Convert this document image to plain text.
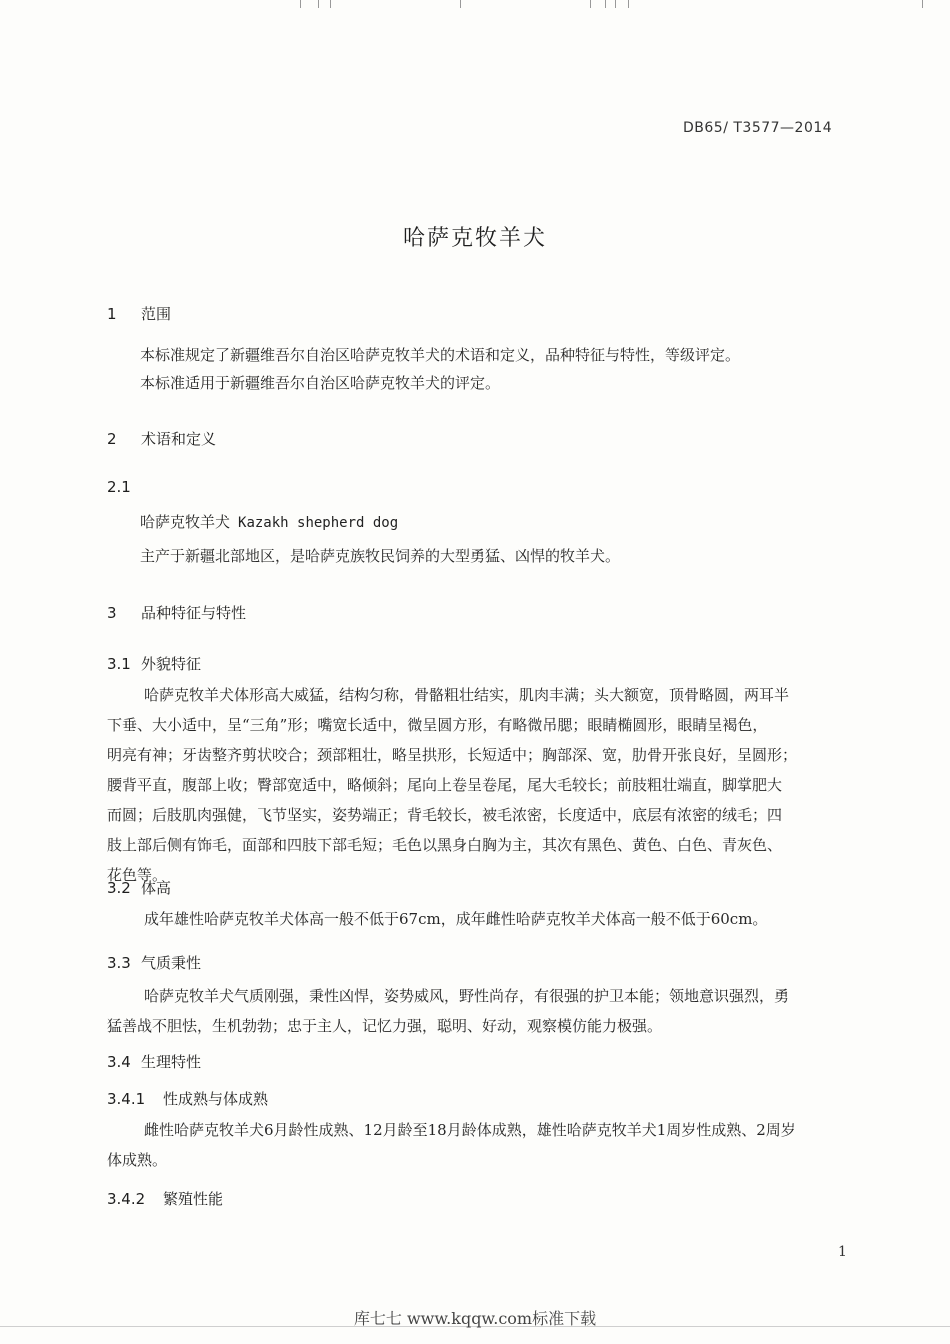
DB65/ T3577—2014

哈萨克牧羊犬
1 范围

本标准规定了新疆维吾尔自治区哈萨克牧羊犬的术语和定义，品种特征与特性，等级评定。

本标准适用于新疆维吾尔自治区哈萨克牧羊犬的评定。

2 术语和定义
2.1
哈萨克牧羊犬 Kazakh shepherd dog

主产于新疆北部地区，是哈萨克族牧民饲养的大型勇猛、凶悍的牧羊犬。

3 品种特征与特性
3.1 外貌特征

哈萨克牧羊犬体形高大威猛，结构匀称，骨骼粗壮结实，肌肉丰满；头大额宽，顶骨略圆，两耳半

下垂、大小适中，呈“三角”形；嘴宽长适中，微呈圆方形，有略微吊腮；眼睛椭圆形，眼睛呈褐色，

明亮有神；牙齿整齐剪状咬合；颈部粗壮，略呈拱形，长短适中；胸部深、宽，肋骨开张良好，呈圆形；

腰背平直，腹部上收；臀部宽适中，略倾斜；尾向上卷呈卷尾，尾大毛较长；前肢粗壮端直，脚掌肥大

而圆；后肢肌肉强健，飞节坚实，姿势端正；背毛较长，被毛浓密，长度适中，底层有浓密的绒毛；四

肢上部后侧有饰毛，面部和四肢下部毛短；毛色以黑身白胸为主，其次有黑色、黄色、白色、青灰色、

花色等。

3.2 体高

成年雄性哈萨克牧羊犬体高一般不低于67cm，成年雌性哈萨克牧羊犬体高一般不低于60cm。

3.3 气质秉性

哈萨克牧羊犬气质刚强，秉性凶悍，姿势威风，野性尚存，有很强的护卫本能；领地意识强烈，勇

猛善战不胆怯，生机勃勃；忠于主人，记忆力强，聪明、好动，观察模仿能力极强。

3.4 生理特性
3.4.1 性成熟与体成熟

雌性哈萨克牧羊犬6月龄性成熟、12月龄至18月龄体成熟，雄性哈萨克牧羊犬1周岁性成熟、2周岁

体成熟。

3.4.2 繁殖性能

1

库七七 www.kqqw.com标准下载
